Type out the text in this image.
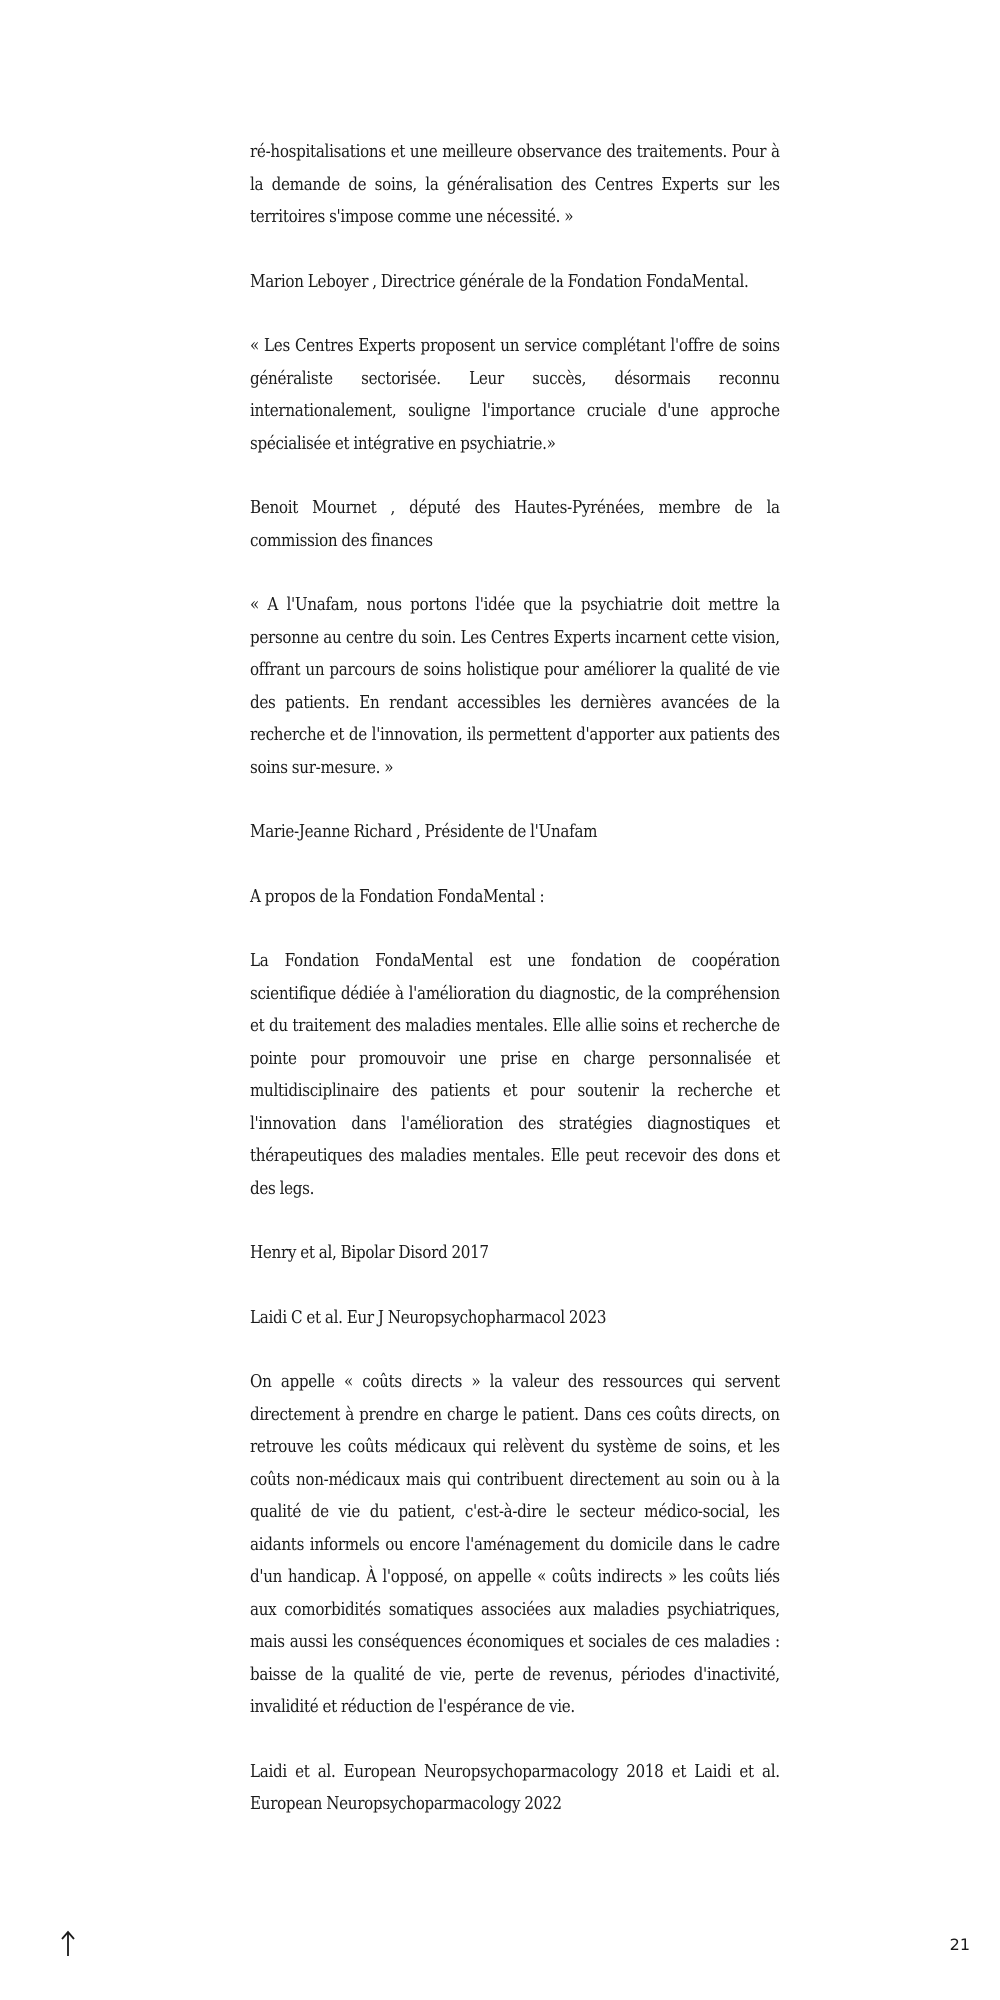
ré-hospitalisations et une meilleure observance des traitements. Pour à la demande de soins, la généralisation des Centres Experts sur les territoires s'impose comme une nécessité. »

Marion Leboyer , Directrice générale de la Fondation FondaMental.

« Les Centres Experts proposent un service complétant l'offre de soins généraliste sectorisée. Leur succès, désormais reconnu internationalement, souligne l'importance cruciale d'une approche spécialisée et intégrative en psychiatrie.»

Benoit Mournet , député des Hautes-Pyrénées, membre de la commission des finances

« A l'Unafam, nous portons l'idée que la psychiatrie doit mettre la personne au centre du soin. Les Centres Experts incarnent cette vision, offrant un parcours de soins holistique pour améliorer la qualité de vie des patients. En rendant accessibles les dernières avancées de la recherche et de l'innovation, ils permettent d'apporter aux patients des soins sur-mesure. »

Marie-Jeanne Richard , Présidente de l'Unafam

A propos de la Fondation FondaMental :

La Fondation FondaMental est une fondation de coopération scientifique dédiée à l'amélioration du diagnostic, de la compréhension et du traitement des maladies mentales. Elle allie soins et recherche de pointe pour promouvoir une prise en charge personnalisée et multidisciplinaire des patients et pour soutenir la recherche et l'innovation dans l'amélioration des stratégies diagnostiques et thérapeutiques des maladies mentales. Elle peut recevoir des dons et des legs.

Henry et al, Bipolar Disord 2017

Laidi C et al. Eur J Neuropsychopharmacol 2023

On appelle « coûts directs » la valeur des ressources qui servent directement à prendre en charge le patient. Dans ces coûts directs, on retrouve les coûts médicaux qui relèvent du système de soins, et les coûts non-médicaux mais qui contribuent directement au soin ou à la qualité de vie du patient, c'est-à-dire le secteur médico-social, les aidants informels ou encore l'aménagement du domicile dans le cadre d'un handicap. À l'opposé, on appelle « coûts indirects » les coûts liés aux comorbidités somatiques associées aux maladies psychiatriques, mais aussi les conséquences économiques et sociales de ces maladies : baisse de la qualité de vie, perte de revenus, périodes d'inactivité, invalidité et réduction de l'espérance de vie.

Laidi et al. European Neuropsychoparmacology 2018 et Laidi et al. European Neuropsychoparmacology 2022

21
